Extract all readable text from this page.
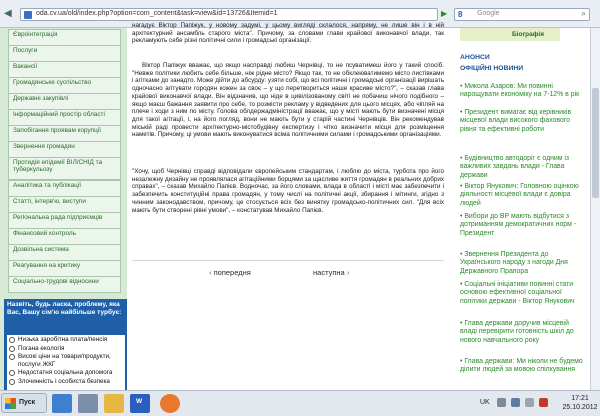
◀	oda.cv.ua/old/index.php?option=com_content&task=view&id=13726&Itemid=1	▶ 8 Google	⌕
Євроінтеграція
Послуги
Вакансії
Громадянське суспільство
Державні закупівлі
Інформаційний простір області
Запобігання проявам корупції
Звернення громадян
Протидія епідемії ВІЛ/СНІД та туберкульозу
Аналітика та публікації
Статті, інтерв'ю, виступи
Регіональна рада підприємців
Фінансовий контроль
Дозвільна система
Реагування на критику
Соціально-трудові відносини
Назвіть, будь ласка, проблему, яка Вас, Вашу сім'ю найбільше турбує:
Низька заробітна плата/пенсія
Погана екологія
Високі ціни на товари/продукти, послуги ЖКГ
Недостатня соціальна допомога
Злочинність і особиста безпека
нагадує Віктор Папіжук, у новому задумі, у цьому вигляді склалося, напряму, не лише він і в ній архітектурний ансамбль старого міста". Причому, за словами глави крайової виконавчої влади, так рекламують себе різні політичні сили і громадські організації.
Віктор Папіжук вважає, що якщо насправді любиш Чернівці, то не псуватимеш його у такий спосіб. "Невже політики любить себе більше, ніж рідне місто? Якщо так, то не обклеюватимемо місто листівками і агітками до занадто. Може дійти до абсурду: узяти собі, що всі політичні і громадські організації вирішать одночасно агітувати городян кожен за своє – у що перетвориться наше красиве місто?", – сказав глава крайової виконавчої влади. Він відзначив, що ніде в цивілізованому світі не побачиш нічого подібного – якщо маєш бажання заявити про себе, то розмісти рекламу у відведених для цього місцях, або чіпляй на плече і ходи з ним по місту. Голова облдержадміністрації вважає, що у місті мають бути визначені місця для такої агітації, і, на його погляд, вони не мають бути у старій частині Чернівців. Він рекомендував міській раді провести архітектурно-містобудівну експертизу і чітко визначити місця для розміщення наметів. Причому, ці умови мають виконуватися всіма політичними силами і громадськими організаціями.
"Хочу, щоб Чернівці справді відповідали європейським стандартам, і люблю до міста, турбота про його незалежну дизайну не проявлялася агітаційними борцями за щасливе життя громадян в реальних добрих справах", – сказав Михайло Папієв. Водночас, за його словами, влада в області і місті має забезпечити і забезпечить конституційні права громадян, у тому числі на політичні акції, збирання і мітинги, згідно з чинним законодавством, причому, це стосується всіх без винятку громадсько-політичних сил. "Для всіх мають бути створені рівні умови", – констатував Михайло Папієв.
‹ попередня	наступна ›
Біографія
АНОНСИ
ОФІЦІЙНІ НОВИНИ
• Микола Азаров: Ми повинні нарощувати економіку на 7-12% в рік
• Президент вимагає від керівників місцевої влади високого фахового рівня та ефективні роботи
• Будівництво автодоріг є одним із важливих завдань влади - Глава держави
• Віктор Янукович: Головною оцінкою діяльності місцевої влади є довіра людей
• Вибори до ВР мають відбутися з дотриманням демократичних норм - Президент
• Звернення Президента до Українського народу з нагоди Дня Державного Прапора
• Соціальні ініціативи повинні стати основою ефективної соціальної політики держави - Віктор Янукович
• Глава держави доручив місцевій владі перевірити готовність шкіл до нового навчального року
• Глава держави: Ми ніколи не будемо ділити людей за мовою спілкування
Пуск	W	UK
17:21
25.10.2012
